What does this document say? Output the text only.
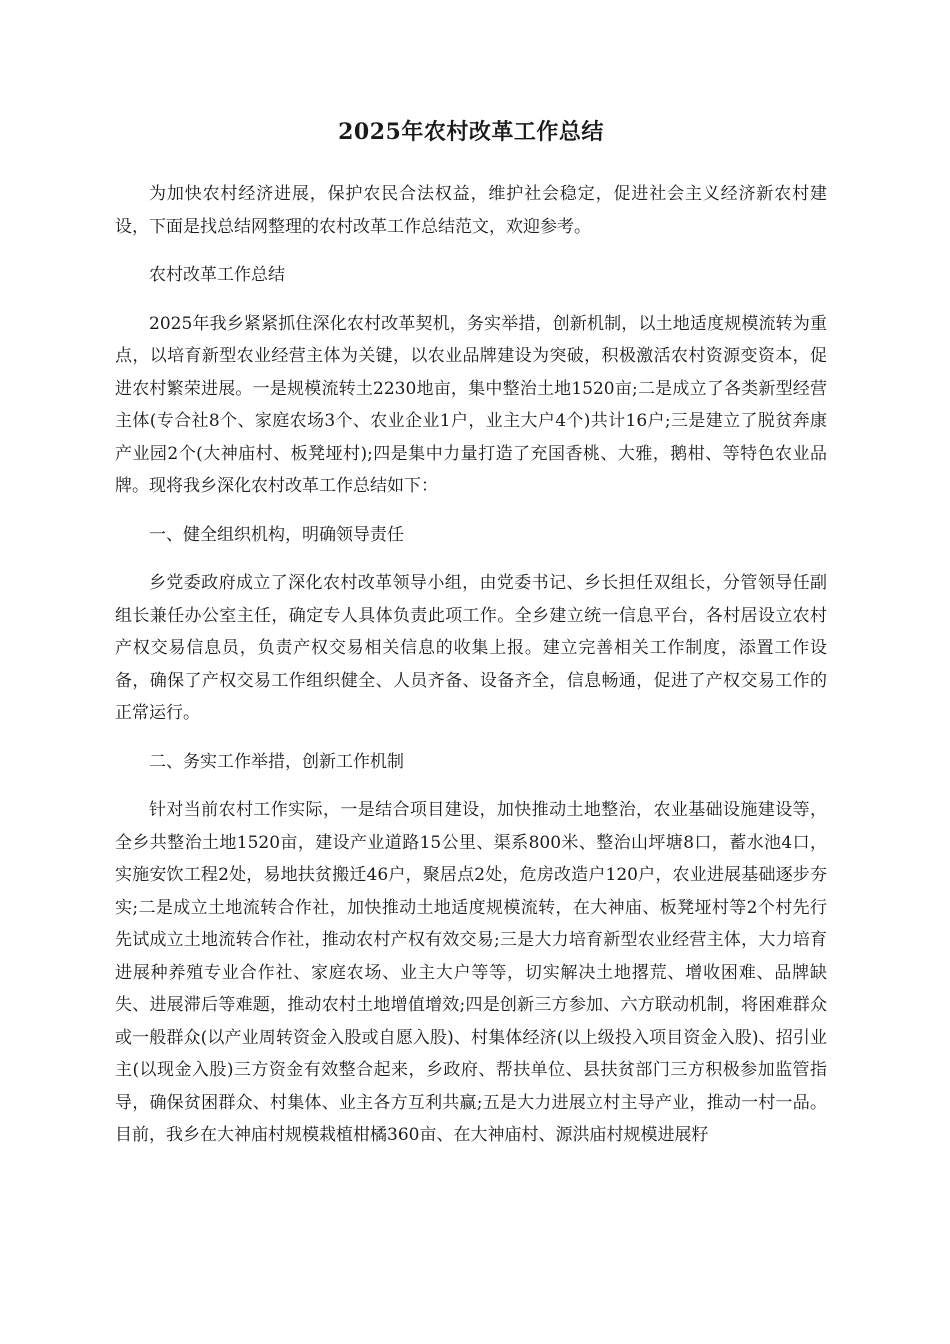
2025年农村改革工作总结

为加快农村经济进展，保护农民合法权益，维护社会稳定，促进社会主义经济新农村建设，下面是找总结网整理的农村改革工作总结范文，欢迎参考。

农村改革工作总结

2025年我乡紧紧抓住深化农村改革契机，务实举措，创新机制，以土地适度规模流转为重点，以培育新型农业经营主体为关键，以农业品牌建设为突破，积极激活农村资源变资本，促进农村繁荣进展。一是规模流转土2230地亩，集中整治土地1520亩;二是成立了各类新型经营主体(专合社8个、家庭农场3个、农业企业1户，业主大户4个)共计16户;三是建立了脱贫奔康产业园2个(大神庙村、板凳垭村);四是集中力量打造了充国香桃、大雅，鹅柑、等特色农业品牌。现将我乡深化农村改革工作总结如下：

一、健全组织机构，明确领导责任

乡党委政府成立了深化农村改革领导小组，由党委书记、乡长担任双组长，分管领导任副组长兼任办公室主任，确定专人具体负责此项工作。全乡建立统一信息平台，各村居设立农村产权交易信息员，负责产权交易相关信息的收集上报。建立完善相关工作制度，添置工作设备，确保了产权交易工作组织健全、人员齐备、设备齐全，信息畅通，促进了产权交易工作的正常运行。

二、务实工作举措，创新工作机制

针对当前农村工作实际，一是结合项目建设，加快推动土地整治，农业基础设施建设等，全乡共整治土地1520亩，建设产业道路15公里、渠系800米、整治山坪塘8口，蓄水池4口，实施安饮工程2处，易地扶贫搬迁46户，聚居点2处，危房改造户120户，农业进展基础逐步夯实;二是成立土地流转合作社，加快推动土地适度规模流转，在大神庙、板凳垭村等2个村先行先试成立土地流转合作社，推动农村产权有效交易;三是大力培育新型农业经营主体，大力培育进展种养殖专业合作社、家庭农场、业主大户等等，切实解决土地撂荒、增收困难、品牌缺失、进展滞后等难题，推动农村土地增值增效;四是创新三方参加、六方联动机制，将困难群众或一般群众(以产业周转资金入股或自愿入股)、村集体经济(以上级投入项目资金入股)、招引业主(以现金入股)三方资金有效整合起来，乡政府、帮扶单位、县扶贫部门三方积极参加监管指导，确保贫困群众、村集体、业主各方互利共赢;五是大力进展立村主导产业，推动一村一品。目前，我乡在大神庙村规模栽植柑橘360亩、在大神庙村、源洪庙村规模进展籽
